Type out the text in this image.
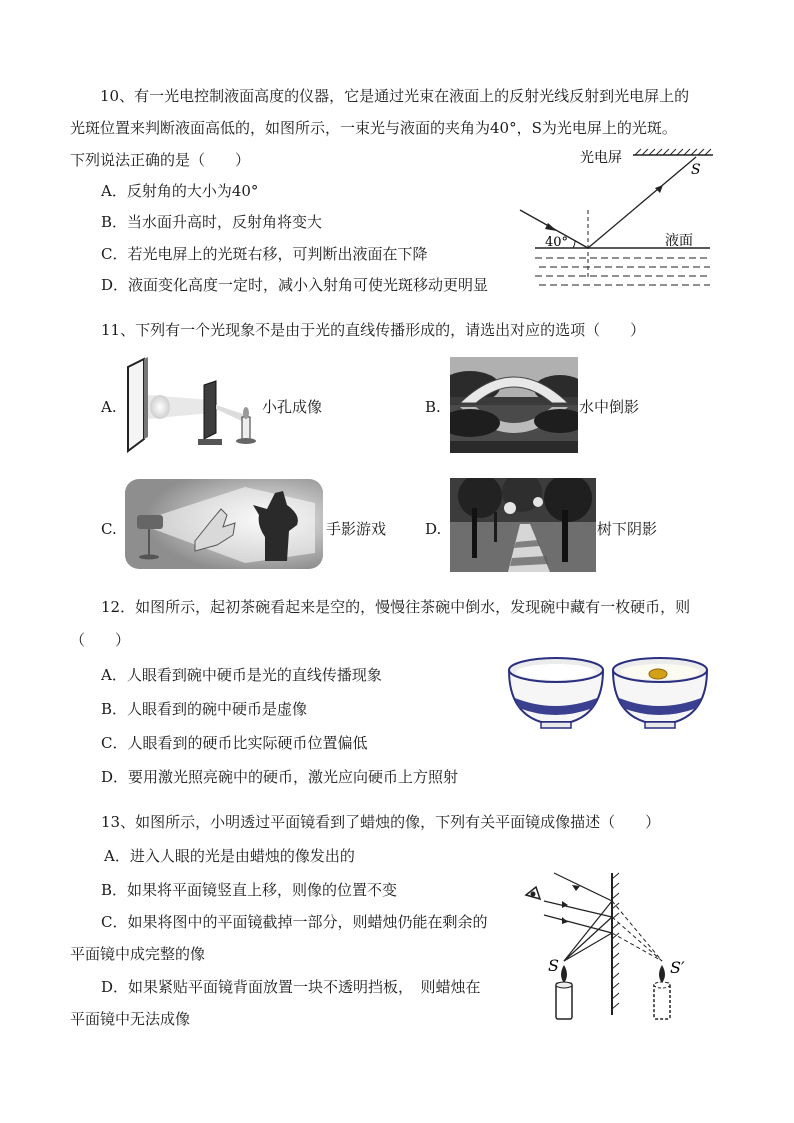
10、有一光电控制液面高度的仪器，它是通过光束在液面上的反射光线反射到光电屏上的
光斑位置来判断液面高低的，如图所示，一束光与液面的夹角为40°，S为光电屏上的光斑。
下列说法正确的是（　　）
A．反射角的大小为40°
B．当水面升高时，反射角将变大
C．若光电屏上的光斑右移，可判断出液面在下降
D．液面变化高度一定时，减小入射角可使光斑移动更明显
光电屏
S
液面
40°
11、下列有一个光现象不是由于光的直线传播形成的，请选出对应的选项（　　）
A.	小孔成像	B.	水中倒影
C.	手影游戏	D.	树下阴影
12．如图所示，起初茶碗看起来是空的，慢慢往茶碗中倒水，发现碗中藏有一枚硬币，则
（　　）
A．人眼看到碗中硬币是光的直线传播现象
B．人眼看到的碗中硬币是虚像
C．人眼看到的硬币比实际硬币位置偏低
D．要用激光照亮碗中的硬币，激光应向硬币上方照射
13、如图所示，小明透过平面镜看到了蜡烛的像，下列有关平面镜成像描述（　　）
A．进入人眼的光是由蜡烛的像发出的
B．如果将平面镜竖直上移，则像的位置不变
C．如果将图中的平面镜截掉一部分，则蜡烛仍能在剩余的
平面镜中成完整的像
D．如果紧贴平面镜背面放置一块不透明挡板，　则蜡烛在
平面镜中无法成像
S	S′
